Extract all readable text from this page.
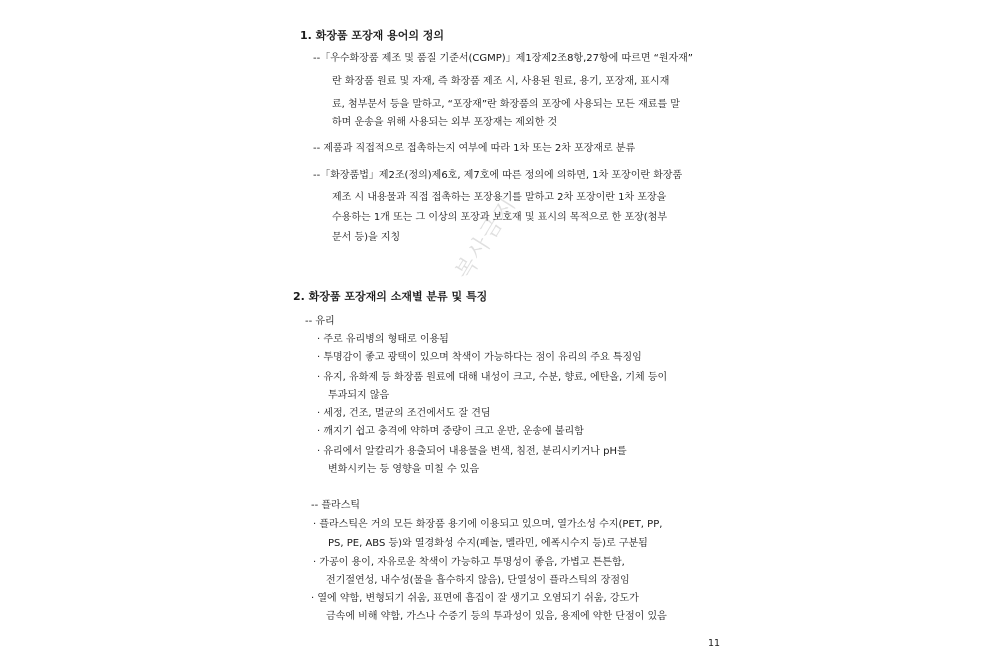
1. 화장품 포장재 용어의 정의
--「우수화장품 제조 및 품질 기준서(CGMP)」제1장제2조8항,27항에 따르면 “원자재”
란 화장품 원료 및 자재, 즉 화장품 제조 시, 사용된 원료, 용기, 포장재, 표시재
료, 첨부문서 등을 말하고, “포장재”란 화장품의 포장에 사용되는 모든 재료를 말
하며 운송을 위해 사용되는 외부 포장재는 제외한 것
-- 제품과 직접적으로 접촉하는지 여부에 따라 1차 또는 2차 포장재로 분류
--「화장품법」제2조(정의)제6호, 제7호에 따른 정의에 의하면, 1차 포장이란 화장품
제조 시 내용물과 직접 접촉하는 포장용기를 말하고 2차 포장이란 1차 포장을
수용하는 1개 또는 그 이상의 포장과 보호재 및 표시의 목적으로 한 포장(첨부
문서 등)을 지칭 복사금지
2. 화장품 포장재의 소재별 분류 및 특징
-- 유리
· 주로 유리병의 형태로 이용됨
· 투명감이 좋고 광택이 있으며 착색이 가능하다는 점이 유리의 주요 특징임
· 유지, 유화제 등 화장품 원료에 대해 내성이 크고, 수분, 향료, 에탄올, 기체 등이
투과되지 않음
· 세정, 건조, 멸균의 조건에서도 잘 견딤
· 깨지기 쉽고 충격에 약하며 중량이 크고 운반, 운송에 불리함
· 유리에서 알칼리가 용출되어 내용물을 변색, 침전, 분리시키거나 pH를
변화시키는 등 영향을 미칠 수 있음
-- 플라스틱
· 플라스틱은 거의 모든 화장품 용기에 이용되고 있으며, 열가소성 수지(PET, PP,
PS, PE, ABS 등)와 열경화성 수지(페놀, 멜라민, 에폭시수지 등)로 구분됨
· 가공이 용이, 자유로운 착색이 가능하고 투명성이 좋음, 가볍고 튼튼함,
전기절연성, 내수성(물을 흡수하지 않음), 단열성이 플라스틱의 장점임
· 열에 약함, 변형되기 쉬움, 표면에 흠집이 잘 생기고 오염되기 쉬움, 강도가
금속에 비해 약함, 가스나 수증기 등의 투과성이 있음, 용제에 약한 단점이 있음
11
